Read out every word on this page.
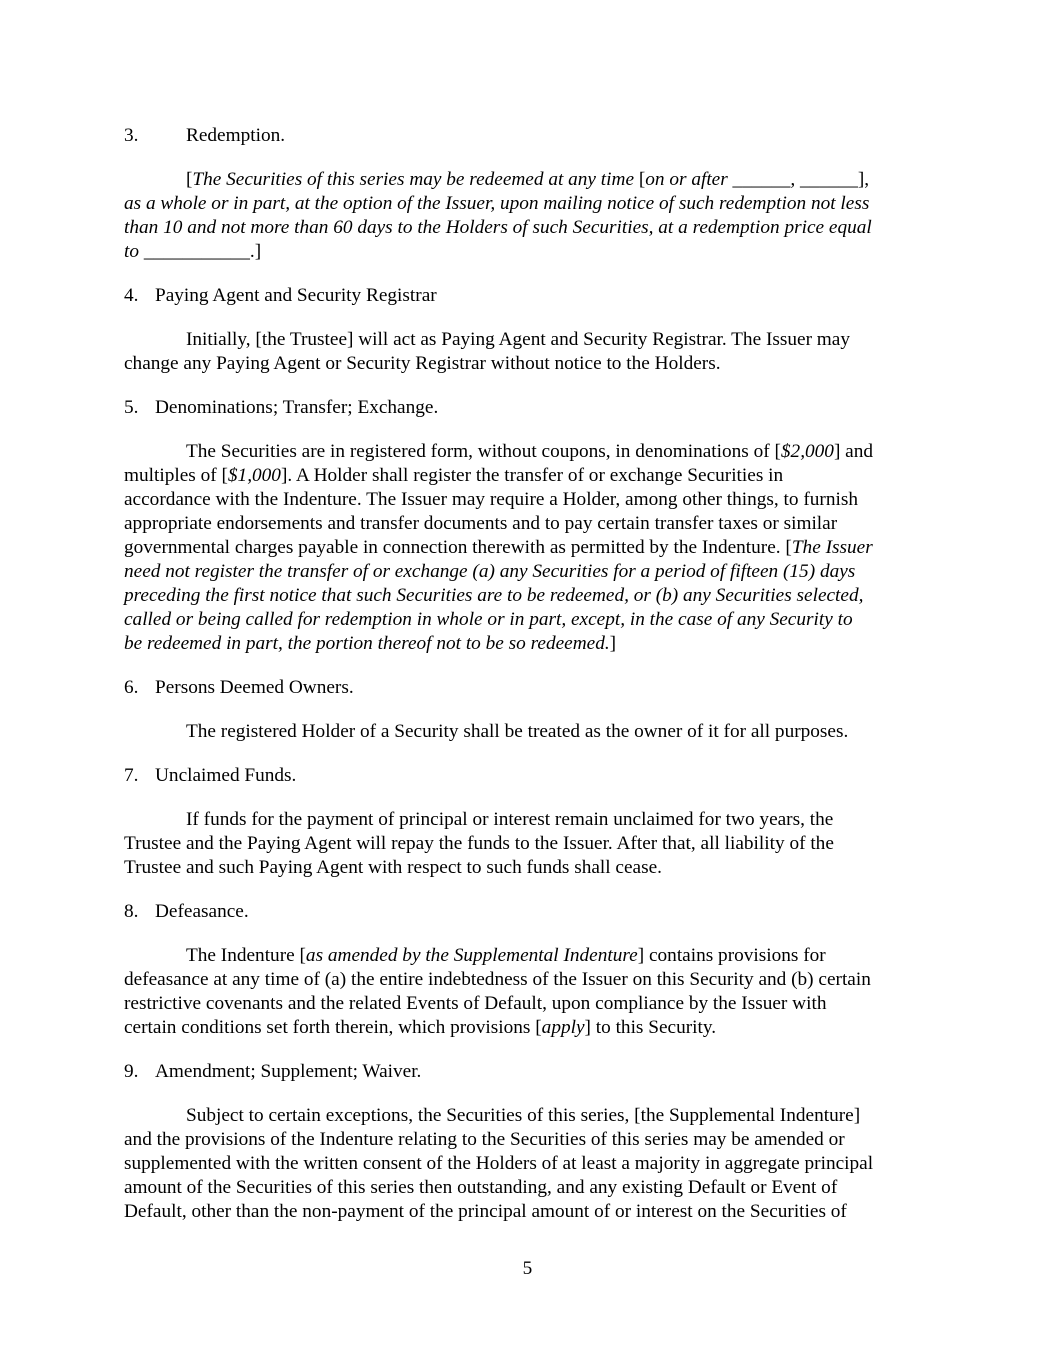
3. Redemption.
[The Securities of this series may be redeemed at any time [on or after ______, ______],
as a whole or in part, at the option of the Issuer, upon mailing notice of such redemption not less
than 10 and not more than 60 days to the Holders of such Securities, at a redemption price equal
to ___________.]
4. Paying Agent and Security Registrar
Initially, [the Trustee] will act as Paying Agent and Security Registrar. The Issuer may
change any Paying Agent or Security Registrar without notice to the Holders.
5. Denominations; Transfer; Exchange.
The Securities are in registered form, without coupons, in denominations of [$2,000] and
multiples of [$1,000]. A Holder shall register the transfer of or exchange Securities in
accordance with the Indenture. The Issuer may require a Holder, among other things, to furnish
appropriate endorsements and transfer documents and to pay certain transfer taxes or similar
governmental charges payable in connection therewith as permitted by the Indenture. [The Issuer
need not register the transfer of or exchange (a) any Securities for a period of fifteen (15) days
preceding the first notice that such Securities are to be redeemed, or (b) any Securities selected,
called or being called for redemption in whole or in part, except, in the case of any Security to
be redeemed in part, the portion thereof not to be so redeemed.]
6. Persons Deemed Owners.
The registered Holder of a Security shall be treated as the owner of it for all purposes.
7. Unclaimed Funds.
If funds for the payment of principal or interest remain unclaimed for two years, the
Trustee and the Paying Agent will repay the funds to the Issuer. After that, all liability of the
Trustee and such Paying Agent with respect to such funds shall cease.
8. Defeasance.
The Indenture [as amended by the Supplemental Indenture] contains provisions for
defeasance at any time of (a) the entire indebtedness of the Issuer on this Security and (b) certain
restrictive covenants and the related Events of Default, upon compliance by the Issuer with
certain conditions set forth therein, which provisions [apply] to this Security.
9. Amendment; Supplement; Waiver.
Subject to certain exceptions, the Securities of this series, [the Supplemental Indenture]
and the provisions of the Indenture relating to the Securities of this series may be amended or
supplemented with the written consent of the Holders of at least a majority in aggregate principal
amount of the Securities of this series then outstanding, and any existing Default or Event of
Default, other than the non-payment of the principal amount of or interest on the Securities of
5
